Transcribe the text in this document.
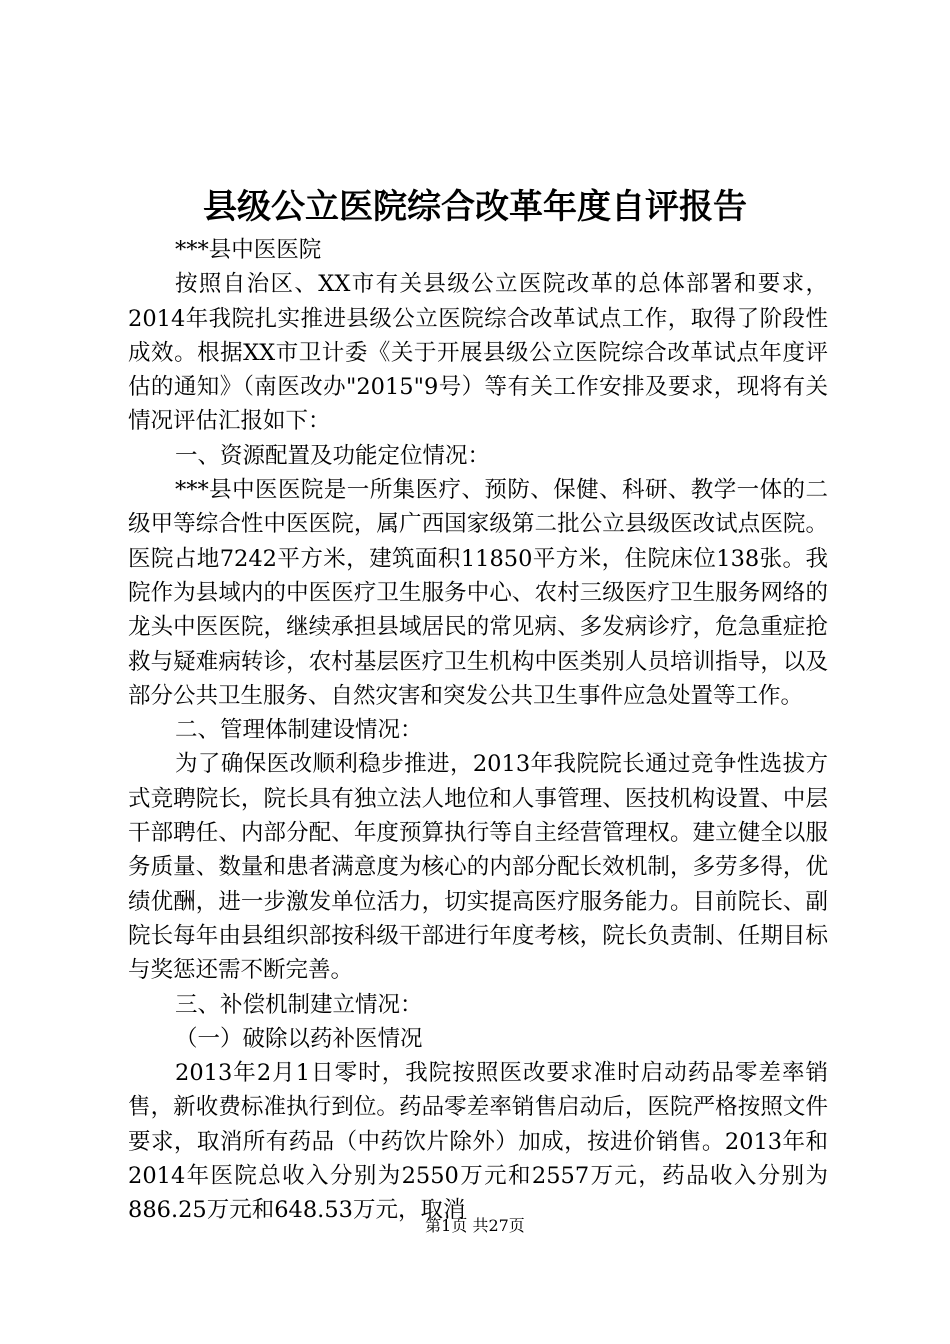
县级公立医院综合改革年度自评报告

***县中医医院

按照自治区、XX市有关县级公立医院改革的总体部署和要求，2014年我院扎实推进县级公立医院综合改革试点工作，取得了阶段性成效。根据XX市卫计委《关于开展县级公立医院综合改革试点年度评估的通知》（南医改办"2015"9号）等有关工作安排及要求，现将有关情况评估汇报如下：

一、资源配置及功能定位情况：

***县中医医院是一所集医疗、预防、保健、科研、教学一体的二级甲等综合性中医医院，属广西国家级第二批公立县级医改试点医院。医院占地7242平方米，建筑面积11850平方米，住院床位138张。我院作为县域内的中医医疗卫生服务中心、农村三级医疗卫生服务网络的龙头中医医院，继续承担县域居民的常见病、多发病诊疗，危急重症抢救与疑难病转诊，农村基层医疗卫生机构中医类别人员培训指导，以及部分公共卫生服务、自然灾害和突发公共卫生事件应急处置等工作。

二、管理体制建设情况：

为了确保医改顺利稳步推进，2013年我院院长通过竞争性选拔方式竞聘院长，院长具有独立法人地位和人事管理、医技机构设置、中层干部聘任、内部分配、年度预算执行等自主经营管理权。建立健全以服务质量、数量和患者满意度为核心的内部分配长效机制，多劳多得，优绩优酬，进一步激发单位活力，切实提高医疗服务能力。目前院长、副院长每年由县组织部按科级干部进行年度考核，院长负责制、任期目标与奖惩还需不断完善。

三、补偿机制建立情况：

（一）破除以药补医情况

2013年2月1日零时，我院按照医改要求准时启动药品零差率销售，新收费标准执行到位。药品零差率销售启动后，医院严格按照文件要求，取消所有药品（中药饮片除外）加成，按进价销售。2013年和2014年医院总收入分别为2550万元和2557万元，药品收入分别为886.25万元和648.53万元，取消

第1页 共27页
